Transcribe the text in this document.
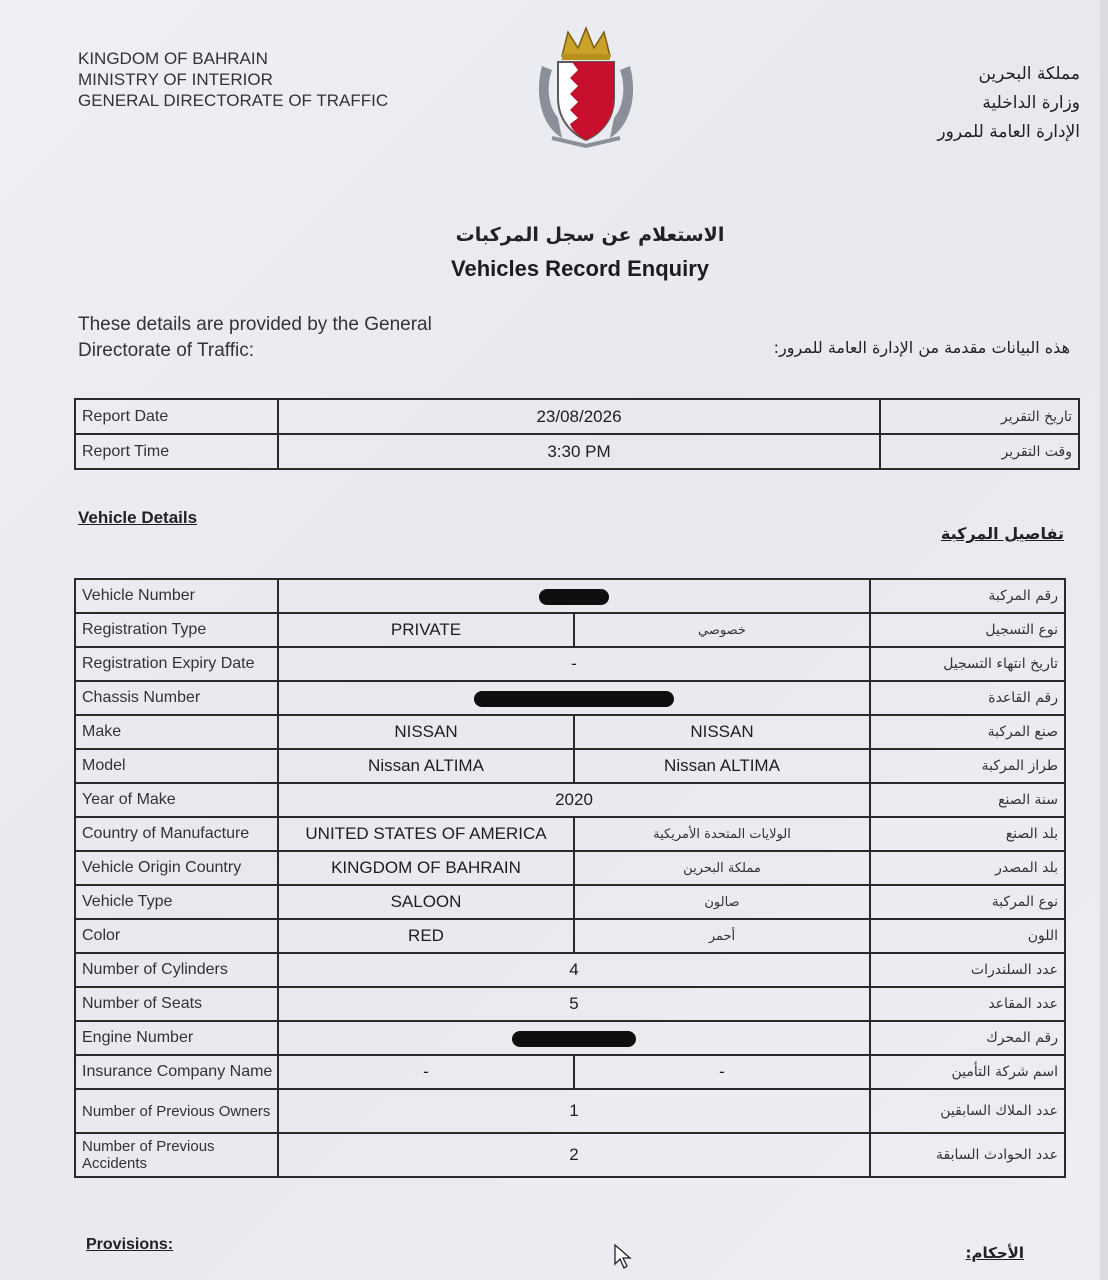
KINGDOM OF BAHRAIN
MINISTRY OF INTERIOR
GENERAL DIRECTORATE OF TRAFFIC
مملكة البحرين
وزارة الداخلية
الإدارة العامة للمرور
الاستعلام عن سجل المركبات
Vehicles Record Enquiry
These details are provided by the General Directorate of Traffic:	هذه البيانات مقدمة من الإدارة العامة للمرور:
Report Date	23/08/2026	تاريخ التقرير
Report Time	3:30 PM	وقت التقرير
Vehicle Details
تفاصيل المركبة
Vehicle Number			رقم المركبة
Registration Type	PRIVATE	خصوصي	نوع التسجيل
Registration Expiry Date	-		تاريخ انتهاء التسجيل
Chassis Number			رقم القاعدة
Make	NISSAN	NISSAN	صنع المركبة
Model	Nissan ALTIMA	Nissan ALTIMA	طراز المركبة
Year of Make	2020		سنة الصنع
Country of Manufacture	UNITED STATES OF AMERICA	الولايات المتحدة الأمريكية	بلد الصنع
Vehicle Origin Country	KINGDOM OF BAHRAIN	مملكة البحرين	بلد المصدر
Vehicle Type	SALOON	صالون	نوع المركبة
Color	RED	أحمر	اللون
Number of Cylinders	4		عدد السلندرات
Number of Seats	5		عدد المقاعد
Engine Number			رقم المحرك
Insurance Company Name	-	-	اسم شركة التأمين
Number of Previous Owners	1		عدد الملاك السابقين
Number of Previous Accidents	2		عدد الحوادث السابقة
Provisions:	الأحكام:
